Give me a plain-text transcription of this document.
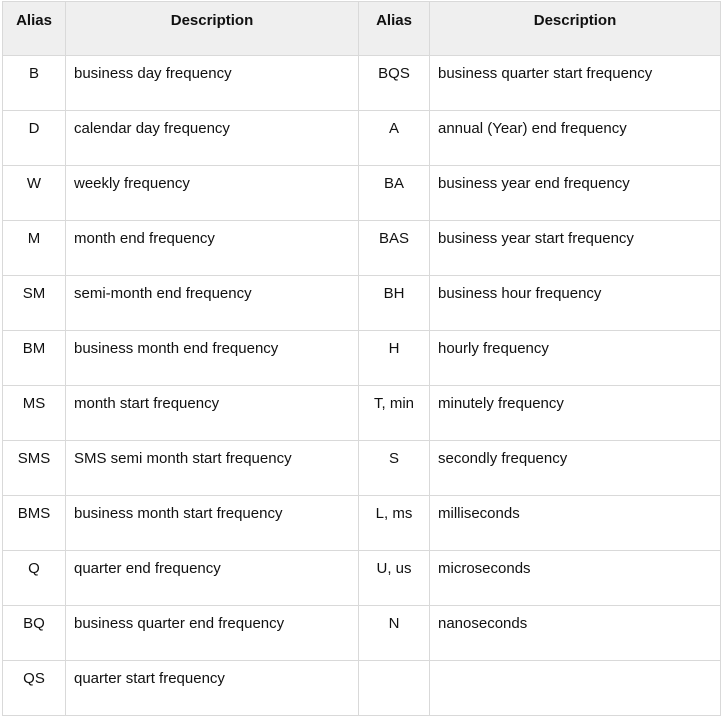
Alias	Description	Alias	Description
B	business day frequency	BQS	business quarter start frequency
D	calendar day frequency	A	annual (Year) end frequency
W	weekly frequency	BA	business year end frequency
M	month end frequency	BAS	business year start frequency
SM	semi-month end frequency	BH	business hour frequency
BM	business month end frequency	H	hourly frequency
MS	month start frequency	T, min	minutely frequency
SMS	SMS semi month start frequency	S	secondly frequency
BMS	business month start frequency	L, ms	milliseconds
Q	quarter end frequency	U, us	microseconds
BQ	business quarter end frequency	N	nanoseconds
QS	quarter start frequency		
